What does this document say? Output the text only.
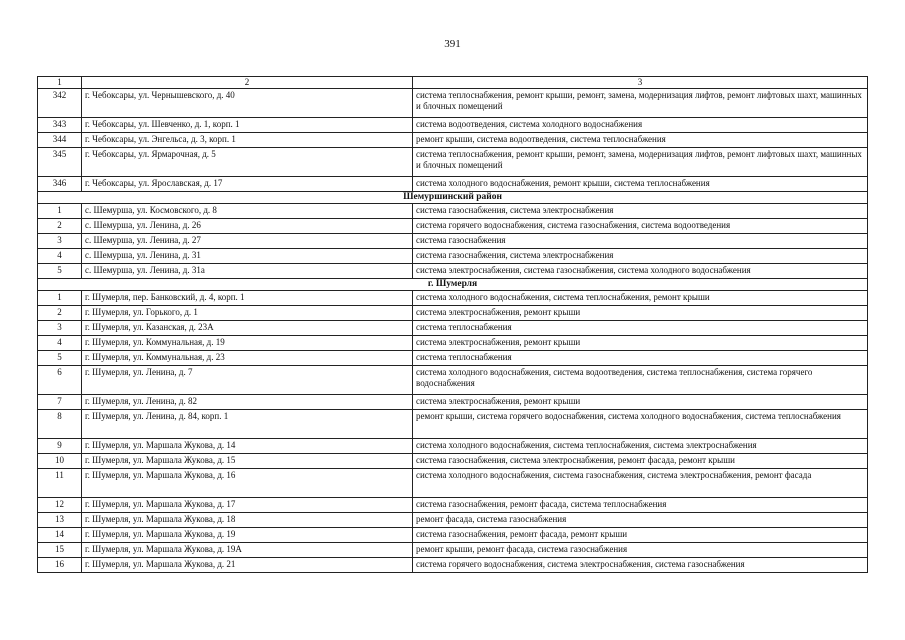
391
1	2	3
342	г. Чебоксары, ул. Чернышевского, д. 40	система теплоснабжения, ремонт крыши, ремонт, замена, модернизация лифтов, ремонт лифтовых шахт, машинных и блочных помещений
343	г. Чебоксары, ул. Шевченко, д. 1, корп. 1	система водоотведения, система холодного водоснабжения
344	г. Чебоксары, ул. Энгельса, д. 3, корп. 1	ремонт крыши, система водоотведения, система теплоснабжения
345	г. Чебоксары, ул. Ярмарочная, д. 5	система теплоснабжения, ремонт крыши, ремонт, замена, модернизация лифтов, ремонт лифтовых шахт, машинных и блочных помещений
346	г. Чебоксары, ул. Ярославская, д. 17	система холодного водоснабжения, ремонт крыши, система теплоснабжения
Шемуршинский район		
1	с. Шемурша, ул. Космовского, д. 8	система газоснабжения, система электроснабжения
2	с. Шемурша, ул. Ленина, д. 26	система горячего водоснабжения, система газоснабжения, система водоотведения
3	с. Шемурша, ул. Ленина, д. 27	система газоснабжения
4	с. Шемурша, ул. Ленина, д. 31	система газоснабжения, система электроснабжения
5	с. Шемурша, ул. Ленина, д. 31а	система электроснабжения, система газоснабжения, система холодного водоснабжения
г. Шумерля		
1	г. Шумерля, пер. Банковский, д. 4, корп. 1	система холодного водоснабжения, система теплоснабжения, ремонт крыши
2	г. Шумерля, ул. Горького, д. 1	система электроснабжения, ремонт крыши
3	г. Шумерля, ул. Казанская, д. 23А	система теплоснабжения
4	г. Шумерля, ул. Коммунальная, д. 19	система электроснабжения, ремонт крыши
5	г. Шумерля, ул. Коммунальная, д. 23	система теплоснабжения
6	г. Шумерля, ул. Ленина, д. 7	система холодного водоснабжения, система водоотведения, система теплоснабжения, система горячего водоснабжения
7	г. Шумерля, ул. Ленина, д. 82	система электроснабжения, ремонт крыши
8	г. Шумерля, ул. Ленина, д. 84, корп. 1	ремонт крыши, система горячего водоснабжения, система холодного водоснабжения, система теплоснабжения
9	г. Шумерля, ул. Маршала Жукова, д. 14	система холодного водоснабжения, система теплоснабжения, система электроснабжения
10	г. Шумерля, ул. Маршала Жукова, д. 15	система газоснабжения, система электроснабжения, ремонт фасада, ремонт крыши
11	г. Шумерля, ул. Маршала Жукова, д. 16	система холодного водоснабжения, система газоснабжения, система электроснабжения, ремонт фасада
12	г. Шумерля, ул. Маршала Жукова, д. 17	система газоснабжения, ремонт фасада, система теплоснабжения
13	г. Шумерля, ул. Маршала Жукова, д. 18	ремонт фасада, система газоснабжения
14	г. Шумерля, ул. Маршала Жукова, д. 19	система газоснабжения, ремонт фасада, ремонт крыши
15	г. Шумерля, ул. Маршала Жукова, д. 19А	ремонт крыши, ремонт фасада, система газоснабжения
16	г. Шумерля, ул. Маршала Жукова, д. 21	система горячего водоснабжения, система электроснабжения, система газоснабжения
